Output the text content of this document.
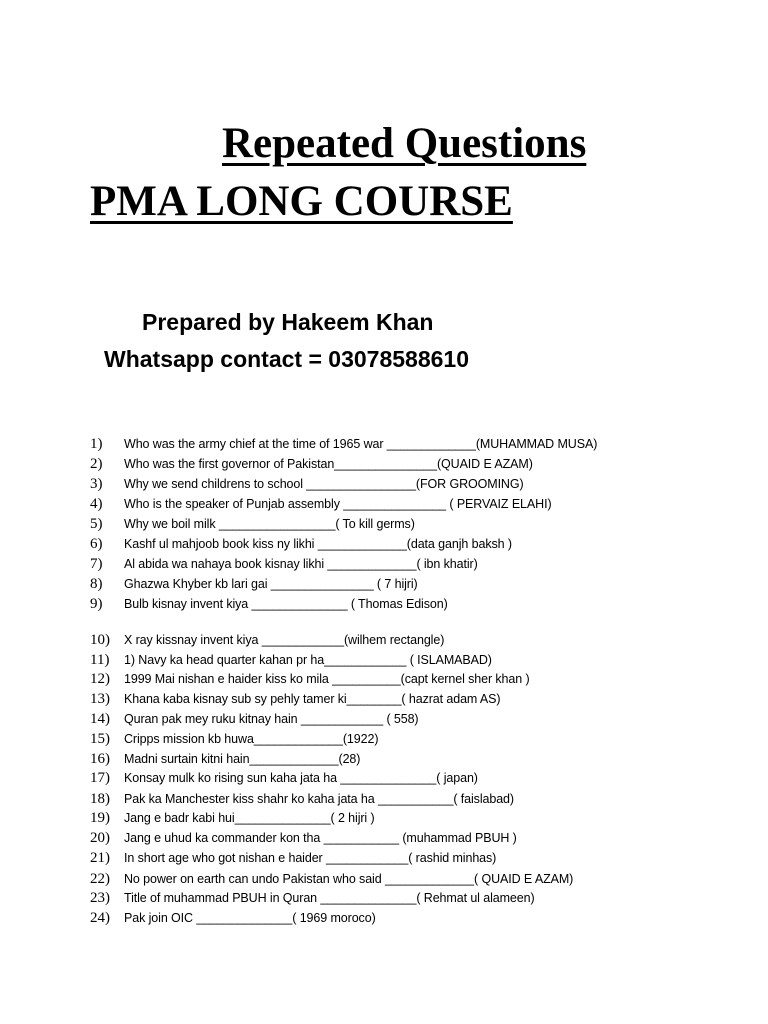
Repeated Questions
PMA LONG COURSE
Prepared by Hakeem Khan
Whatsapp contact = 03078588610
1) Who was the army chief at the time of 1965 war _____________(MUHAMMAD MUSA)
2) Who was the first governor of Pakistan_______________(QUAID E AZAM)
3) Why we send childrens to school ________________(FOR GROOMING)
4) Who is the speaker of Punjab assembly _______________ ( PERVAIZ ELAHI)
5) Why we boil milk _________________( To kill germs)
6) Kashf ul mahjoob book kiss ny likhi _____________(data ganjh baksh )
7) Al abida wa nahaya book kisnay likhi _____________( ibn khatir)
8) Ghazwa Khyber kb lari gai _______________ ( 7 hijri)
9) Bulb kisnay invent kiya ______________ ( Thomas Edison)
10) X ray kissnay invent kiya ____________(wilhem rectangle)
11) 1) Navy ka head quarter kahan pr ha____________ ( ISLAMABAD)
12) 1999 Mai nishan e haider kiss ko mila __________(capt kernel sher khan )
13) Khana kaba kisnay sub sy pehly tamer ki________( hazrat adam AS)
14) Quran pak mey ruku kitnay hain ____________ ( 558)
15) Cripps mission kb huwa_____________(1922)
16) Madni surtain kitni hain_____________(28)
17) Konsay mulk ko rising sun kaha jata ha ______________( japan)
18) Pak ka Manchester kiss shahr ko kaha jata ha ___________( faislabad)
19) Jang e badr kabi hui______________( 2 hijri )
20) Jang e uhud ka commander kon tha ___________ (muhammad PBUH )
21) In short age who got nishan e haider ____________( rashid minhas)
22) No power on earth can undo Pakistan who said _____________( QUAID E AZAM)
23) Title of muhammad PBUH in Quran ______________( Rehmat ul alameen)
24) Pak join OIC ______________( 1969 moroco)
